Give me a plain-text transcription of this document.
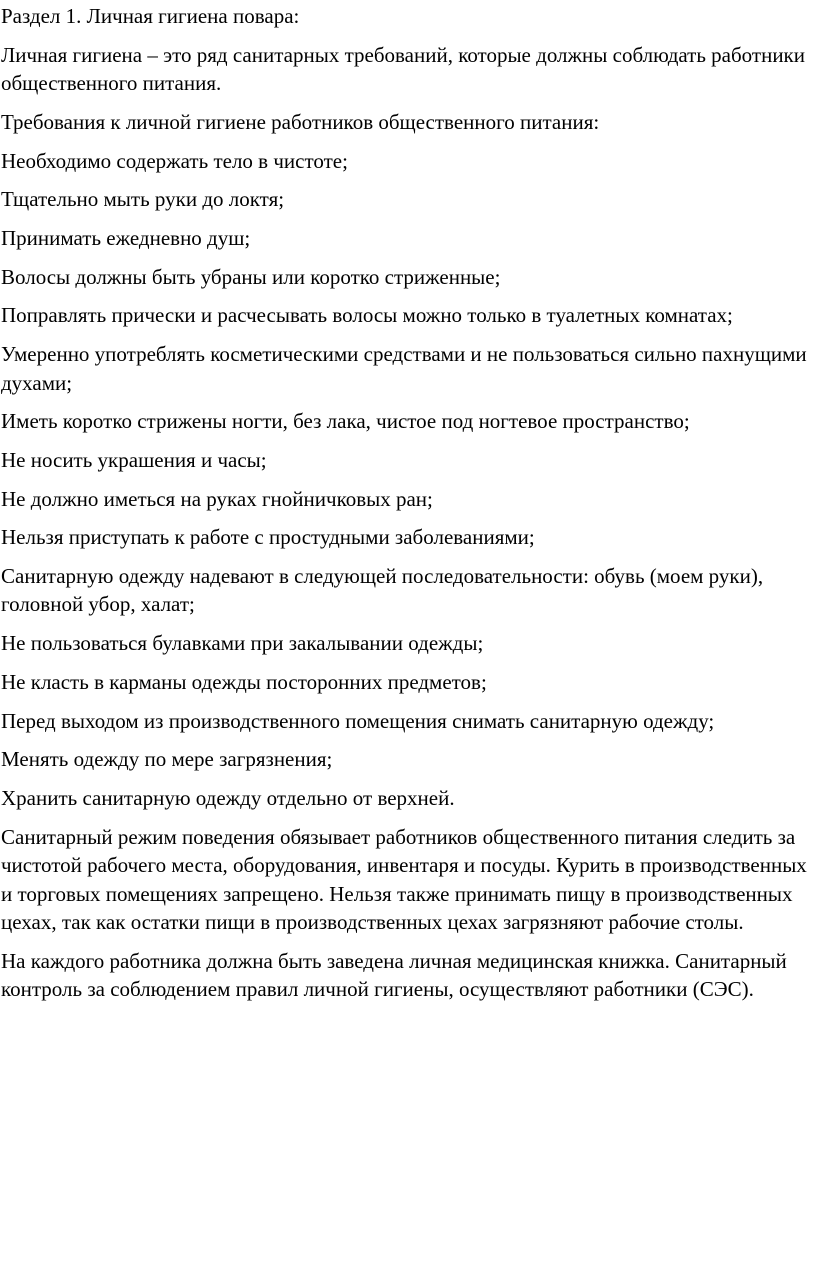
Раздел 1. Личная гигиена повара:

Личная гигиена – это ряд санитарных требований, которые должны соблюдать работники общественного питания.

Требования к личной гигиене работников общественного питания:

Необходимо содержать тело в чистоте;

Тщательно мыть руки до локтя;

Принимать ежедневно душ;

Волосы должны быть убраны или коротко стриженные;

Поправлять прически и расчесывать волосы можно только в туалетных комнатах;

Умеренно употреблять косметическими средствами и не пользоваться сильно пахнущими духами;

Иметь коротко стрижены ногти, без лака, чистое под ногтевое пространство;

Не носить украшения и часы;

Не должно иметься на руках гнойничковых ран;

Нельзя приступать к работе с простудными заболеваниями;

Санитарную одежду надевают в следующей последовательности: обувь (моем руки), головной убор, халат;

Не пользоваться булавками при закалывании одежды;

Не класть в карманы одежды посторонних предметов;

Перед выходом из производственного помещения снимать санитарную одежду;

Менять одежду по мере загрязнения;

Хранить санитарную одежду отдельно от верхней.

Санитарный режим поведения обязывает работников общественного питания следить за чистотой рабочего места, оборудования, инвентаря и посуды. Курить в производственных и торговых помещениях запрещено. Нельзя также принимать пищу в производственных цехах, так как остатки пищи в производственных цехах загрязняют рабочие столы.

На каждого работника должна быть заведена личная медицинская книжка. Санитарный контроль за соблюдением правил личной гигиены, осуществляют работники (СЭС).
